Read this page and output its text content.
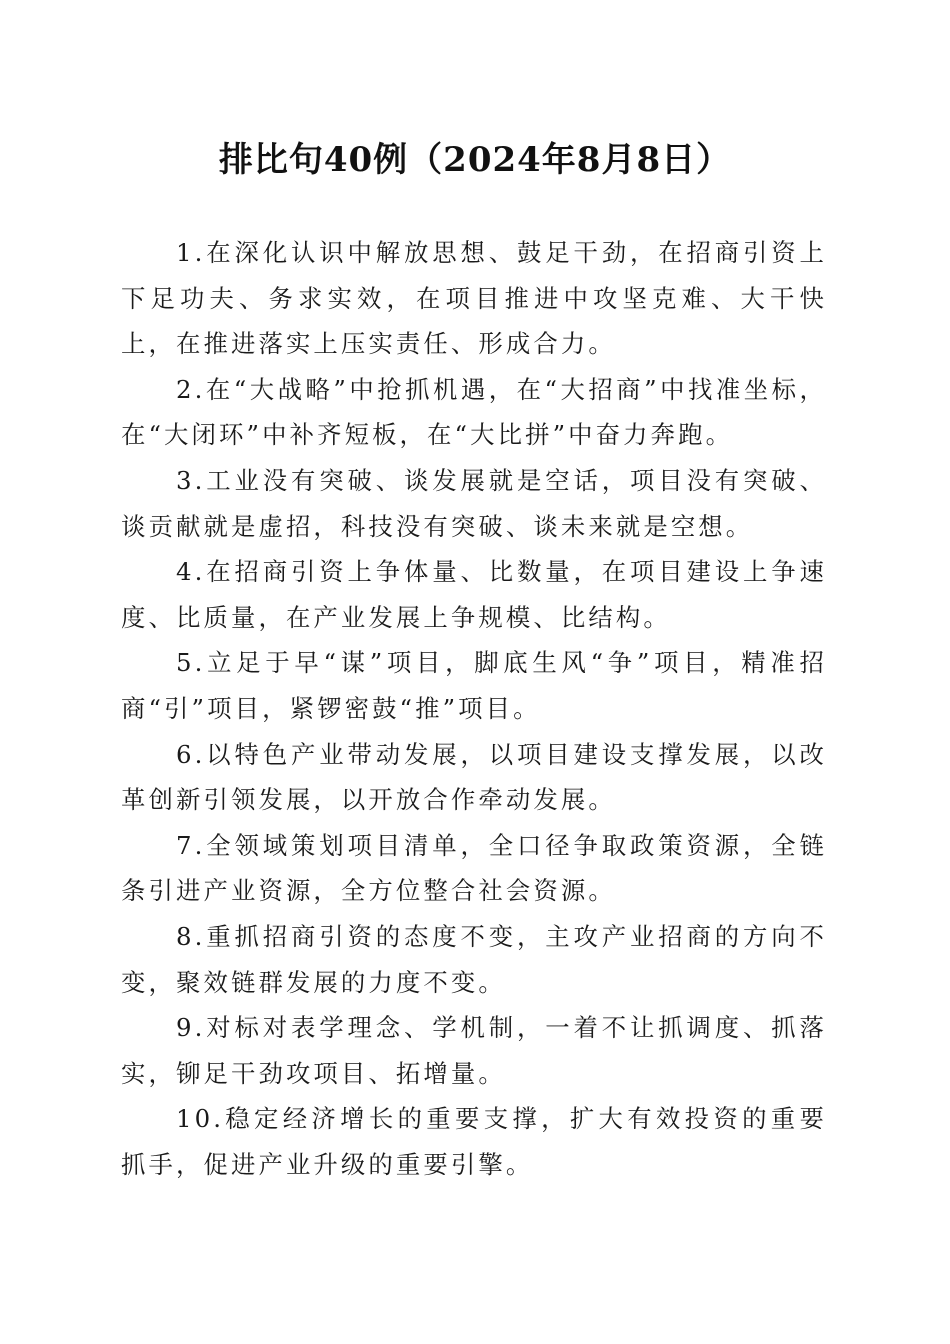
排比句40例（2024年8月8日）

1.在深化认识中解放思想、鼓足干劲，在招商引资上下足功夫、务求实效，在项目推进中攻坚克难、大干快上，在推进落实上压实责任、形成合力。

2.在“大战略”中抢抓机遇，在“大招商”中找准坐标，在“大闭环”中补齐短板，在“大比拼”中奋力奔跑。

3.工业没有突破、谈发展就是空话，项目没有突破、谈贡献就是虚招，科技没有突破、谈未来就是空想。

4.在招商引资上争体量、比数量，在项目建设上争速度、比质量，在产业发展上争规模、比结构。

5.立足于早“谋”项目，脚底生风“争”项目，精准招商“引”项目，紧锣密鼓“推”项目。

6.以特色产业带动发展，以项目建设支撑发展，以改革创新引领发展，以开放合作牵动发展。

7.全领域策划项目清单，全口径争取政策资源，全链条引进产业资源，全方位整合社会资源。

8.重抓招商引资的态度不变，主攻产业招商的方向不变，聚效链群发展的力度不变。

9.对标对表学理念、学机制，一着不让抓调度、抓落实，铆足干劲攻项目、拓增量。

10.稳定经济增长的重要支撑，扩大有效投资的重要抓手，促进产业升级的重要引擎。
